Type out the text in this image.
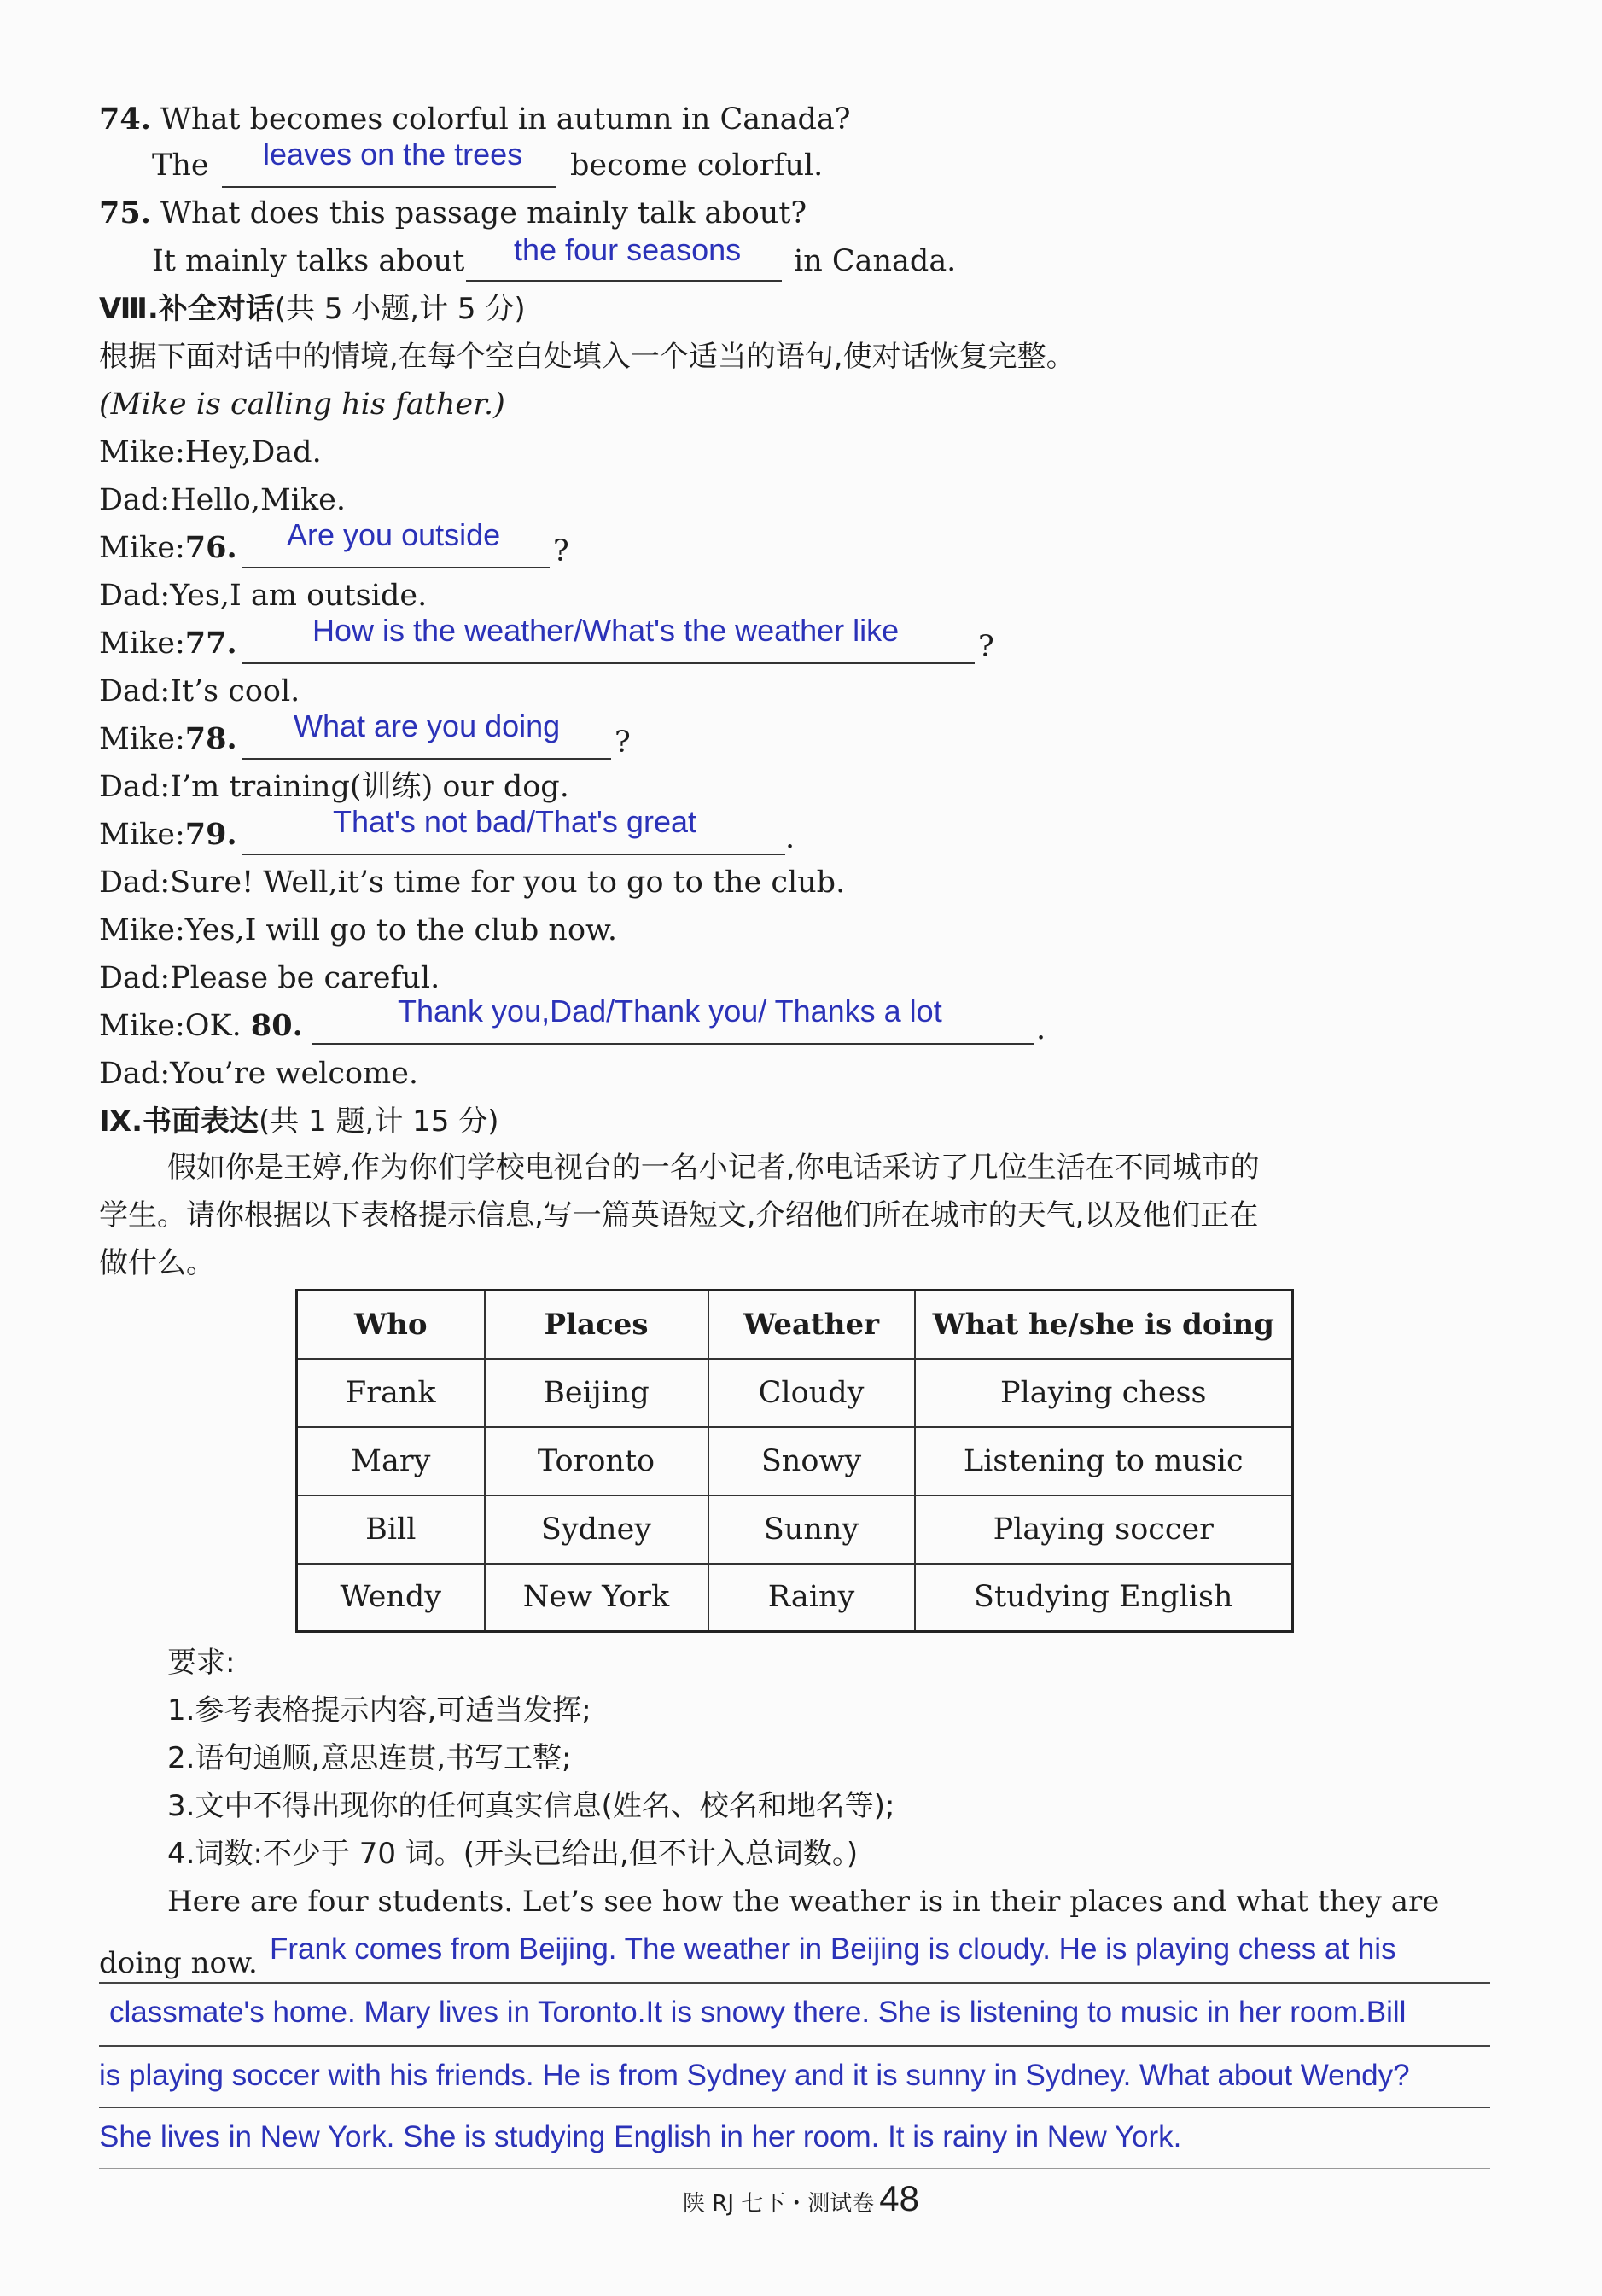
74. What becomes colorful in autumn in Canada?
The leaves on the trees become colorful.
75. What does this passage mainly talk about?
It mainly talks about the four seasons in Canada.
Ⅷ.补全对话(共 5 小题,计 5 分)
根据下面对话中的情境,在每个空白处填入一个适当的语句,使对话恢复完整。
(Mike is calling his father.)
Mike:Hey,Dad.
Dad:Hello,Mike.
Mike:76. Are you outside ?
Dad:Yes,I am outside.
Mike:77. How is the weather/What's the weather like	?
Dad:It’s cool.
Mike:78. What are you doing ?
Dad:I’m training(训练) our dog.
Mike:79.	That's not bad/That's great	.
Dad:Sure! Well,it’s time for you to go to the club.
Mike:Yes,I will go to the club now.
Dad:Please be careful.
Mike:OK. 80.	Thank you,Dad/Thank you/ Thanks a lot
.
Dad:You’re welcome.
Ⅸ.书面表达(共 1 题,计 15 分)
假如你是王婷,作为你们学校电视台的一名小记者,你电话采访了几位生活在不同城市的
学生。请你根据以下表格提示信息,写一篇英语短文,介绍他们所在城市的天气,以及他们正在
做什么。
Who	Places	Weather	What he/she is doing
Frank	Beijing	Cloudy	Playing chess
Mary	Toronto	Snowy	Listening to music
Bill	Sydney	Sunny	Playing soccer
Wendy	New York	Rainy	Studying English
要求:
1.参考表格提示内容,可适当发挥;
2.语句通顺,意思连贯,书写工整;
3.文中不得出现你的任何真实信息(姓名、校名和地名等);
4.词数:不少于 70 词。(开头已给出,但不计入总词数。)
Here are four students. Let’s see how the weather is in their places and what they are
doing now. Frank comes from Beijing. The weather in Beijing is cloudy. He is playing chess at his
classmate's home. Mary lives in Toronto.It is snowy there. She is listening to music in her room.Bill
is playing soccer with his friends. He is from Sydney and it is sunny in Sydney. What about Wendy?
She lives in New York. She is studying English in her room. It is rainy in New York.
陕 RJ 七下・测试卷 48
